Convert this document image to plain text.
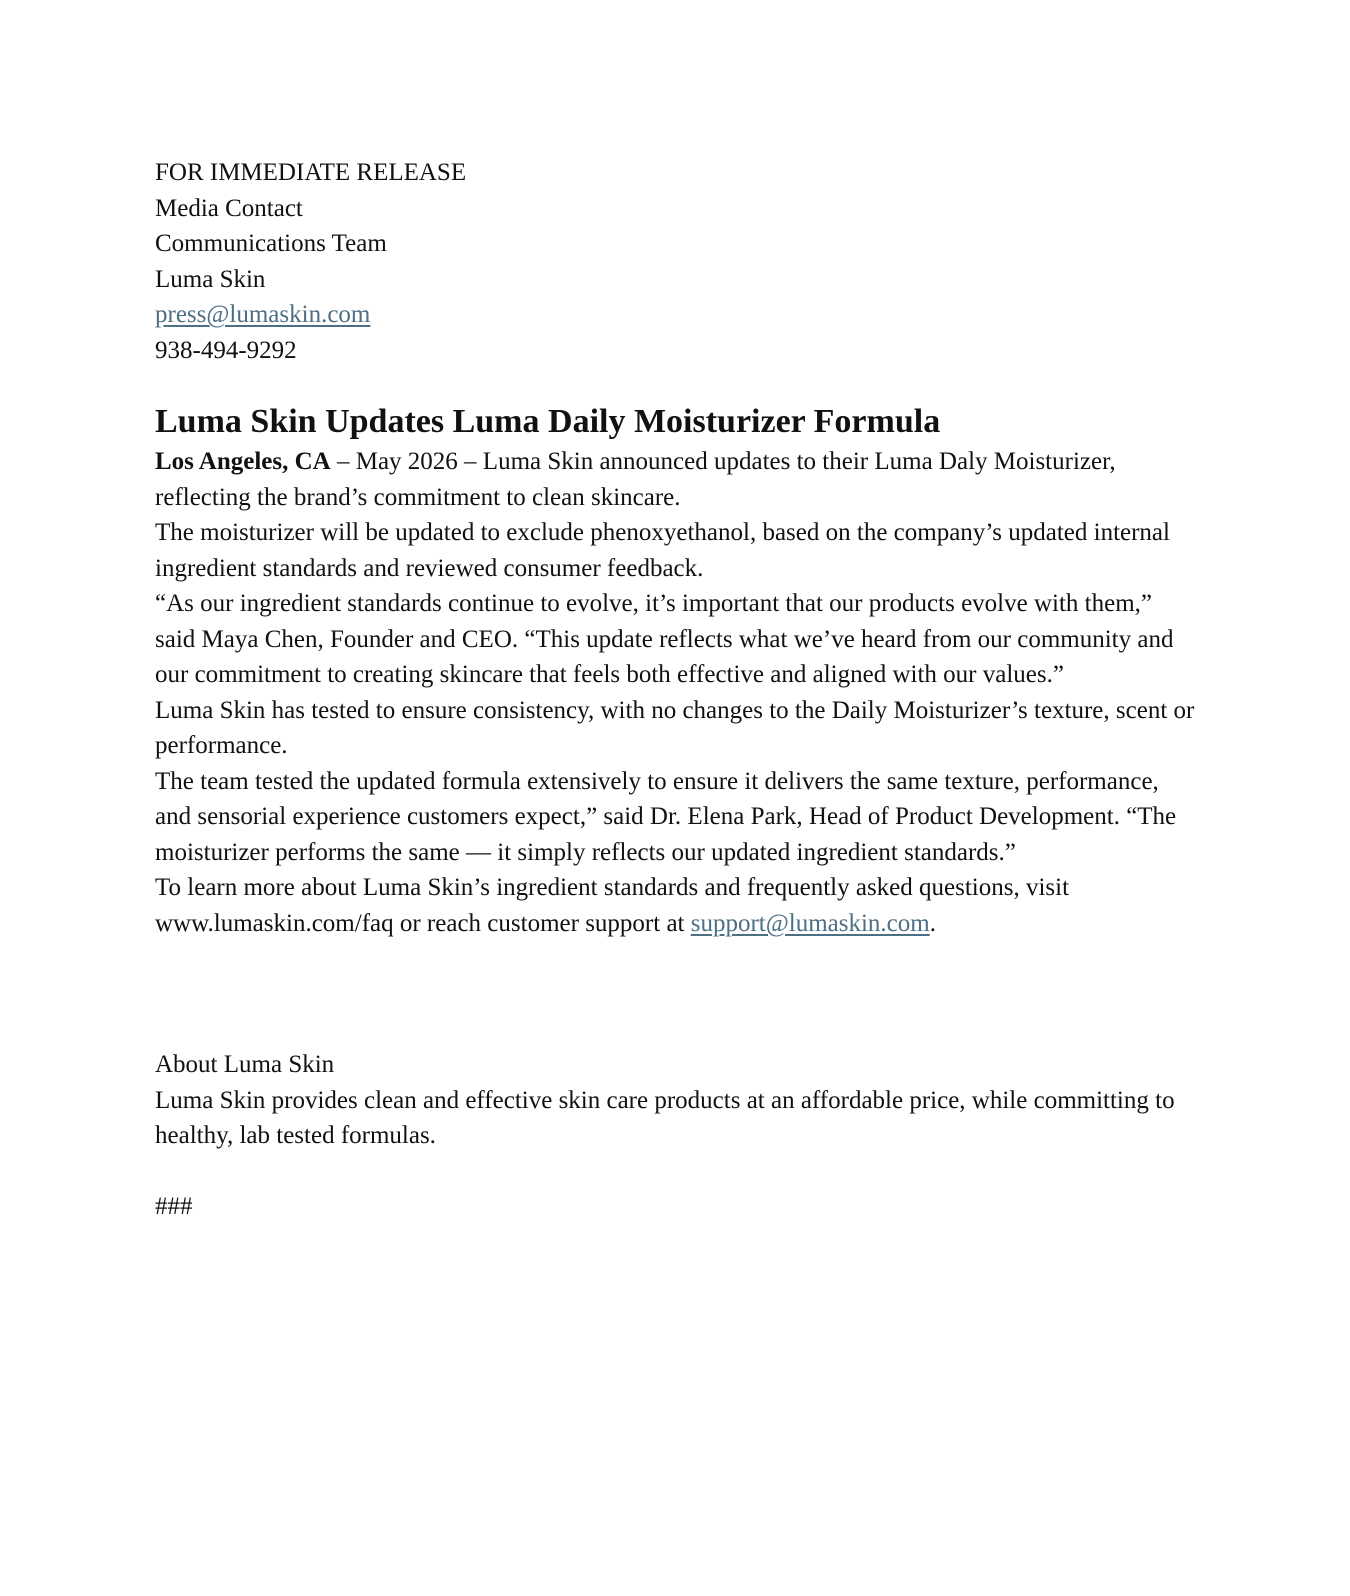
FOR IMMEDIATE RELEASE
Media Contact
Communications Team
Luma Skin
press@lumaskin.com
938-494-9292
Luma Skin Updates Luma Daily Moisturizer Formula

Los Angeles, CA – May 2026 – Luma Skin announced updates to their Luma Daly Moisturizer, reflecting the brand’s commitment to clean skincare.

The moisturizer will be updated to exclude phenoxyethanol, based on the company’s updated internal ingredient standards and reviewed consumer feedback.

“As our ingredient standards continue to evolve, it’s important that our products evolve with them,” said Maya Chen, Founder and CEO. “This update reflects what we’ve heard from our community and our commitment to creating skincare that feels both effective and aligned with our values.”

Luma Skin has tested to ensure consistency, with no changes to the Daily Moisturizer’s texture, scent or performance.

The team tested the updated formula extensively to ensure it delivers the same texture, performance, and sensorial experience customers expect,” said Dr. Elena Park, Head of Product Development. “The moisturizer performs the same — it simply reflects our updated ingredient standards.”

To learn more about Luma Skin’s ingredient standards and frequently asked questions, visit www.lumaskin.com/faq or reach customer support at support@lumaskin.com.

About Luma Skin

Luma Skin provides clean and effective skin care products at an affordable price, while committing to healthy, lab tested formulas.

###
